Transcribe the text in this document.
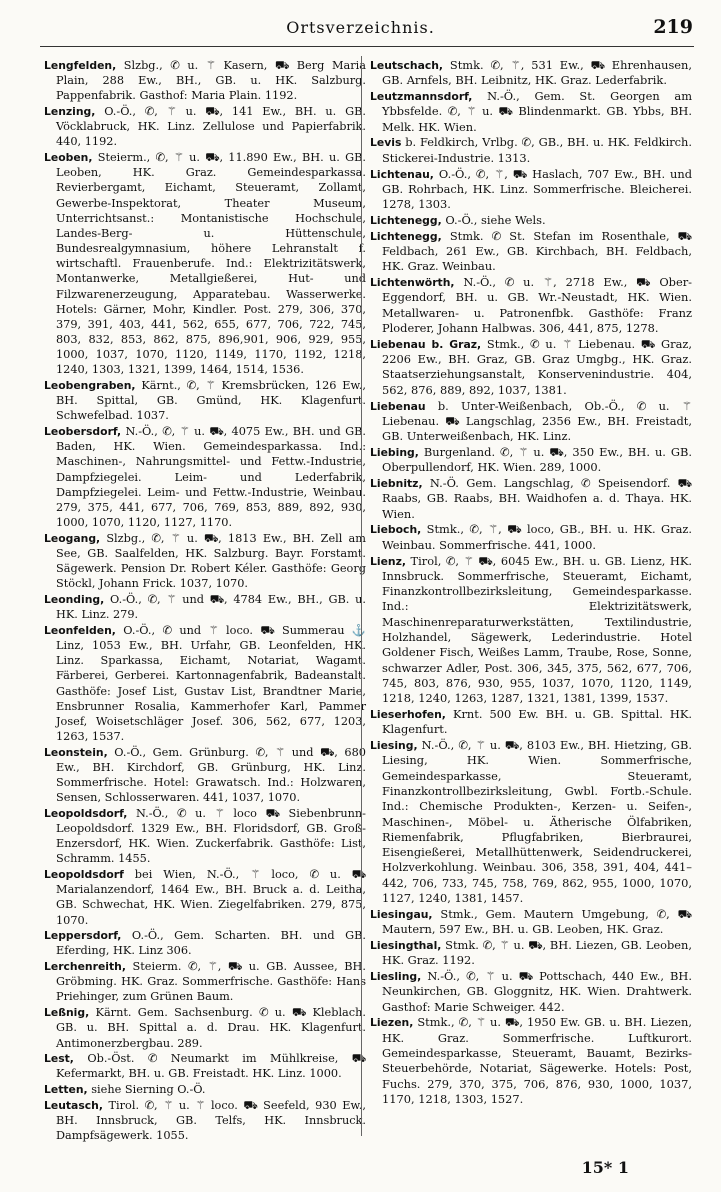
Ortsverzeichnis.	219
Lengfelden, Slzbg., ✆ u. ⚚ Kasern, ⛟ Berg Maria Plain, 288 Ew., BH., GB. u. HK. Salzburg. Pappenfabrik. Gasthof: Maria Plain. 1192.
Lenzing, O.-Ö., ✆, ⚚ u. ⛟, 141 Ew., BH. u. GB. Vöcklabruck, HK. Linz. Zellulose und Papierfabrik. 440, 1192.
Leoben, Steierm., ✆, ⚚ u. ⛟, 11.890 Ew., BH. u. GB. Leoben, HK. Graz. Gemeindesparkassa. Revierbergamt, Eichamt, Steueramt, Zollamt, Gewerbe-Inspektorat, Theater Museum, Unterrichtsanst.: Montanistische Hochschule, Landes-Berg- u. Hüttenschule, Bundesrealgymnasium, höhere Lehranstalt f. wirtschaftl. Frauenberufe. Ind.: Elektrizitätswerk, Montanwerke, Metallgießerei, Hut- und Filzwarenerzeugung, Apparatebau. Wasserwerke. Hotels: Gärner, Mohr, Kindler. Post. 279, 306, 370, 379, 391, 403, 441, 562, 655, 677, 706, 722, 745, 803, 832, 853, 862, 875, 896,901, 906, 929, 955, 1000, 1037, 1070, 1120, 1149, 1170, 1192, 1218, 1240, 1303, 1321, 1399, 1464, 1514, 1536.
Leobengraben, Kärnt., ✆, ⚚ Kremsbrücken, 126 Ew., BH. Spittal, GB. Gmünd, HK. Klagenfurt. Schwefelbad. 1037.
Leobersdorf, N.-Ö., ✆, ⚚ u. ⛟, 4075 Ew., BH. und GB. Baden, HK. Wien. Gemeindesparkassa. Ind.: Maschinen-, Nahrungsmittel- und Fettw.-Industrie, Dampfziegelei. Leim- und Lederfabrik, Dampfziegelei. Leim- und Fettw.-Industrie, Weinbau. 279, 375, 441, 677, 706, 769, 853, 889, 892, 930, 1000, 1070, 1120, 1127, 1170.
Leogang, Slzbg., ✆, ⚚ u. ⛟, 1813 Ew., BH. Zell am See, GB. Saalfelden, HK. Salzburg. Bayr. Forstamt. Sägewerk. Pension Dr. Robert Kéler. Gasthöfe: Georg Stöckl, Johann Frick. 1037, 1070.
Leonding, O.-Ö., ✆, ⚚ und ⛟, 4784 Ew., BH., GB. u. HK. Linz. 279.
Leonfelden, O.-Ö., ✆ und ⚚ loco. ⛟ Summerau ⚓ Linz, 1053 Ew., BH. Urfahr, GB. Leonfelden, HK. Linz. Sparkassa, Eichamt, Notariat, Wagamt. Färberei, Gerberei. Kartonnagenfabrik, Badeanstalt. Gasthöfe: Josef List, Gustav List, Brandtner Marie, Ensbrunner Rosalia, Kammerhofer Karl, Pammer Josef, Woisetschläger Josef. 306, 562, 677, 1203, 1263, 1537.
Leonstein, O.-Ö., Gem. Grünburg. ✆, ⚚ und ⛟, 680 Ew., BH. Kirchdorf, GB. Grünburg, HK. Linz. Sommerfrische. Hotel: Grawatsch. Ind.: Holzwaren, Sensen, Schlosserwaren. 441, 1037, 1070.
Leopoldsdorf, N.-Ö., ✆ u. ⚚ loco ⛟ Siebenbrunn-Leopoldsdorf. 1329 Ew., BH. Floridsdorf, GB. Groß-Enzersdorf, HK. Wien. Zuckerfabrik. Gasthöfe: List, Schramm. 1455.
Leopoldsdorf bei Wien, N.-Ö., ⚚ loco, ✆ u. ⛟ Marialanzendorf, 1464 Ew., BH. Bruck a. d. Leitha, GB. Schwechat, HK. Wien. Ziegelfabriken. 279, 875, 1070.
Leppersdorf, O.-Ö., Gem. Scharten. BH. und GB. Eferding, HK. Linz 306.
Lerchenreith, Steierm. ✆, ⚚, ⛟ u. GB. Aussee, BH. Gröbming. HK. Graz. Sommerfrische. Gasthöfe: Hans Priehinger, zum Grünen Baum.
Leßnig, Kärnt. Gem. Sachsenburg. ✆ u. ⛟ Kleblach. GB. u. BH. Spittal a. d. Drau. HK. Klagenfurt. Antimonerzbergbau. 289.
Lest, Ob.-Öst. ✆ Neumarkt im Mühlkreise, ⛟ Kefermarkt, BH. u. GB. Freistadt. HK. Linz. 1000.
Letten, siehe Sierning O.-Ö.
Leutasch, Tirol. ✆, ⚚ u. ⚚ loco. ⛟ Seefeld, 930 Ew., BH. Innsbruck, GB. Telfs, HK. Innsbruck. Dampfsägewerk. 1055.
Leutschach, Stmk. ✆, ⚚, 531 Ew., ⛟ Ehrenhausen, GB. Arnfels, BH. Leibnitz, HK. Graz. Lederfabrik.
Leutzmannsdorf, N.-Ö., Gem. St. Georgen am Ybbsfelde. ✆, ⚚ u. ⛟ Blindenmarkt. GB. Ybbs, BH. Melk. HK. Wien.
Levis b. Feldkirch, Vrlbg. ✆, GB., BH. u. HK. Feldkirch. Stickerei-Industrie. 1313.
Lichtenau, O.-Ö., ✆, ⚚, ⛟ Haslach, 707 Ew., BH. und GB. Rohrbach, HK. Linz. Sommerfrische. Bleicherei. 1278, 1303.
Lichtenegg, O.-Ö., siehe Wels.
Lichtenegg, Stmk. ✆ St. Stefan im Rosenthale, ⛟ Feldbach, 261 Ew., GB. Kirchbach, BH. Feldbach, HK. Graz. Weinbau.
Lichtenwörth, N.-Ö., ✆ u. ⚚, 2718 Ew., ⛟ Ober-Eggendorf, BH. u. GB. Wr.-Neustadt, HK. Wien. Metallwaren- u. Patronenfbk. Gasthöfe: Franz Ploderer, Johann Halbwas. 306, 441, 875, 1278.
Liebenau b. Graz, Stmk., ✆ u. ⚚ Liebenau. ⛟ Graz, 2206 Ew., BH. Graz, GB. Graz Umgbg., HK. Graz. Staatserziehungsanstalt, Konservenindustrie. 404, 562, 876, 889, 892, 1037, 1381.
Liebenau b. Unter-Weißenbach, Ob.-Ö., ✆ u. ⚚ Liebenau. ⛟ Langschlag, 2356 Ew., BH. Freistadt, GB. Unterweißenbach, HK. Linz.
Liebing, Burgenland. ✆, ⚚ u. ⛟, 350 Ew., BH. u. GB. Oberpullendorf, HK. Wien. 289, 1000.
Liebnitz, N.-Ö. Gem. Langschlag, ✆ Speisendorf. ⛟ Raabs, GB. Raabs, BH. Waidhofen a. d. Thaya. HK. Wien.
Lieboch, Stmk., ✆, ⚚, ⛟ loco, GB., BH. u. HK. Graz. Weinbau. Sommerfrische. 441, 1000.
Lienz, Tirol, ✆, ⚚ ⛟, 6045 Ew., BH. u. GB. Lienz, HK. Innsbruck. Sommerfrische, Steueramt, Eichamt, Finanzkontrollbezirksleitung, Gemeindesparkasse. Ind.: Elektrizitätswerk, Maschinenreparaturwerkstätten, Textilindustrie, Holzhandel, Sägewerk, Lederindustrie. Hotel Goldener Fisch, Weißes Lamm, Traube, Rose, Sonne, schwarzer Adler, Post. 306, 345, 375, 562, 677, 706, 745, 803, 876, 930, 955, 1037, 1070, 1120, 1149, 1218, 1240, 1263, 1287, 1321, 1381, 1399, 1537.
Lieserhofen, Krnt. 500 Ew. BH. u. GB. Spittal. HK. Klagenfurt.
Liesing, N.-Ö., ✆, ⚚ u. ⛟, 8103 Ew., BH. Hietzing, GB. Liesing, HK. Wien. Sommerfrische, Gemeindesparkasse, Steueramt, Finanzkontrollbezirksleitung, Gwbl. Fortb.-Schule. Ind.: Chemische Produkten-, Kerzen- u. Seifen-, Maschinen-, Möbel- u. Ätherische Ölfabriken, Riemenfabrik, Pflugfabriken, Bierbraurei, Eisengießerei, Metallhüttenwerk, Seidendruckerei, Holzverkohlung. Weinbau. 306, 358, 391, 404, 441–442, 706, 733, 745, 758, 769, 862, 955, 1000, 1070, 1127, 1240, 1381, 1457.
Liesingau, Stmk., Gem. Mautern Umgebung, ✆, ⛟ Mautern, 597 Ew., BH. u. GB. Leoben, HK. Graz.
Liesingthal, Stmk. ✆, ⚚ u. ⛟, BH. Liezen, GB. Leoben, HK. Graz. 1192.
Liesling, N.-Ö., ✆, ⚚ u. ⛟ Pottschach, 440 Ew., BH. Neunkirchen, GB. Gloggnitz, HK. Wien. Drahtwerk. Gasthof: Marie Schweiger. 442.
Liezen, Stmk., ✆, ⚚ u. ⛟, 1950 Ew. GB. u. BH. Liezen, HK. Graz. Sommerfrische. Luftkurort. Gemeindesparkasse, Steueramt, Bauamt, Bezirks-Steuerbehörde, Notariat, Sägewerke. Hotels: Post, Fuchs. 279, 370, 375, 706, 876, 930, 1000, 1037, 1170, 1218, 1303, 1527.
15* 1
